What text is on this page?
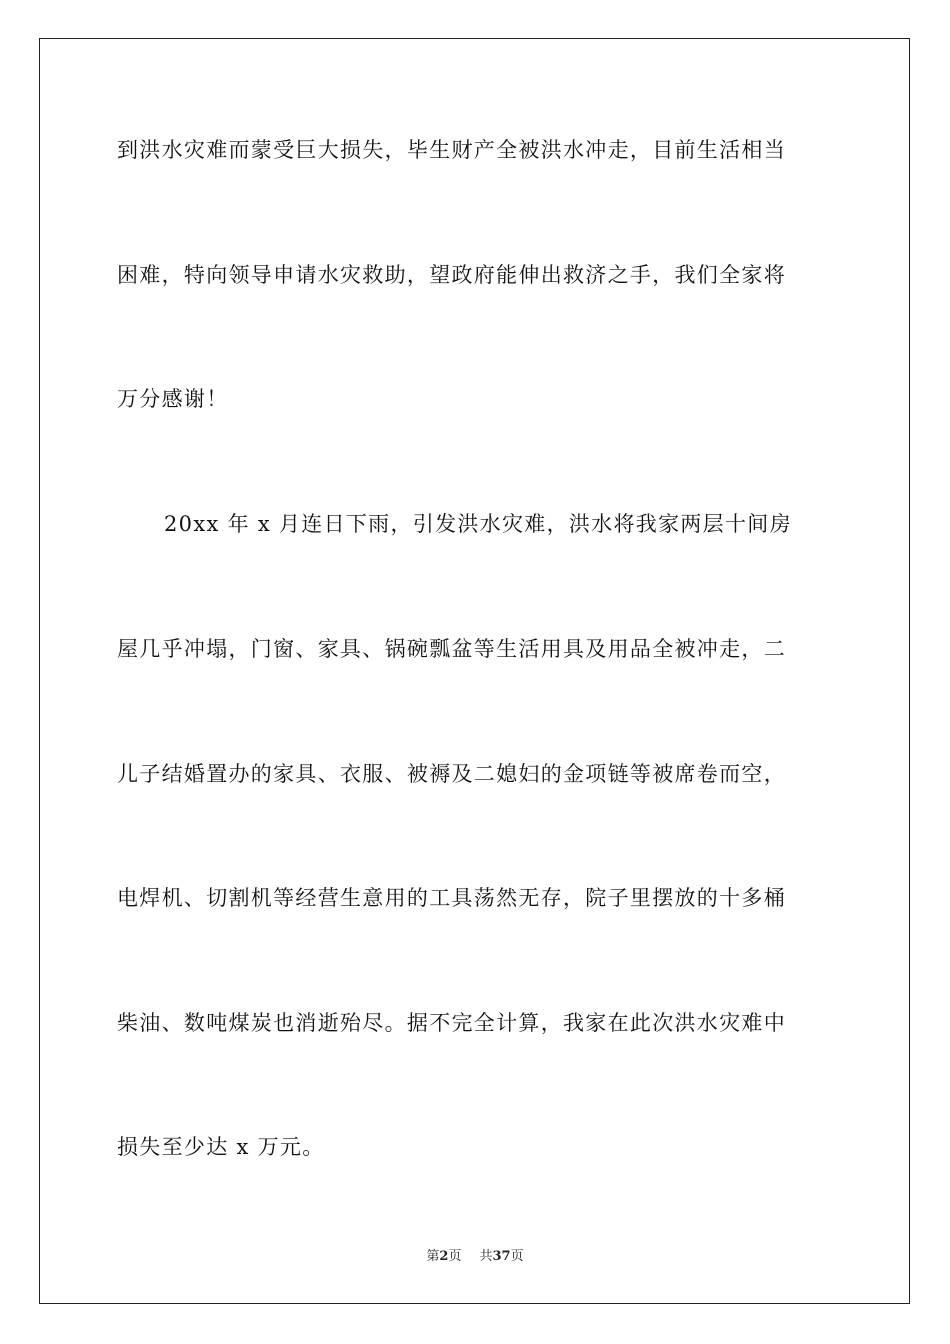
到洪水灾难而蒙受巨大损失，毕生财产全被洪水冲走，目前生活相当
困难，特向领导申请水灾救助，望政府能伸出救济之手，我们全家将
万分感谢！
20xx 年 x 月连日下雨，引发洪水灾难，洪水将我家两层十间房
屋几乎冲塌，门窗、家具、锅碗瓢盆等生活用具及用品全被冲走，二
儿子结婚置办的家具、衣服、被褥及二媳妇的金项链等被席卷而空，
电焊机、切割机等经营生意用的工具荡然无存，院子里摆放的十多桶
柴油、数吨煤炭也消逝殆尽。据不完全计算，我家在此次洪水灾难中
损失至少达 x 万元。
第2页 共37页
